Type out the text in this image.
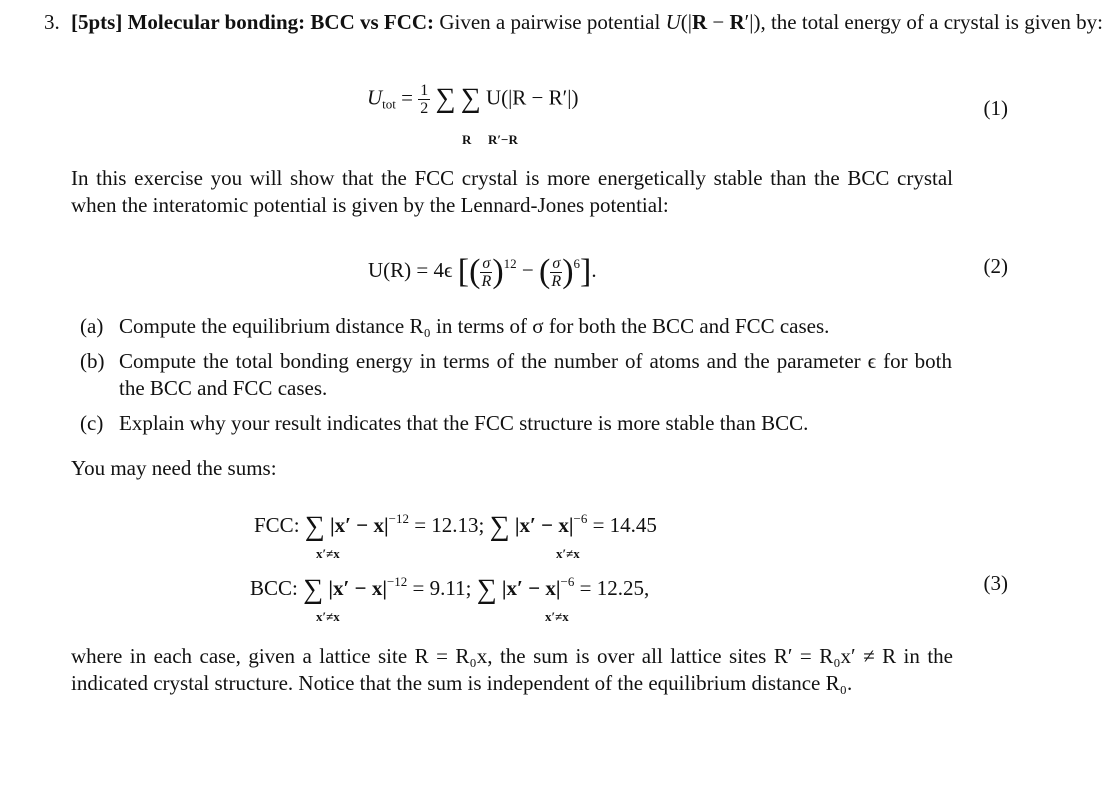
3. [5pts] Molecular bonding: BCC vs FCC: Given a pairwise potential U(|R − R′|), the total energy of a crystal is given by:
$U_{tot} = \frac{1}{2}$ ∑ ∑ U(|R − R′|)
R R′−R
(1)

In this exercise you will show that the FCC crystal is more energetically stable than the BCC crystal when the interatomic potential is given by the Lennard-Jones potential:

U(R) = 4ϵ [( $\frac{\sigma}{R} )^{12}$ − ( $\frac{\sigma}{R} )^6$].	(2)
(a) Compute the equilibrium distance R₀ in terms of σ for both the BCC and FCC cases.
(b) Compute the total bonding energy in terms of the number of atoms and the parameter ϵ for both the BCC and FCC cases.
(c) Explain why your result indicates that the FCC structure is more stable than BCC.
You may need the sums:
FCC: ∑ $|x' - x|^{-12} = 12.13$; ∑ $|x' - x|^{-6} = 14.45$
x′≠x	x′≠x
BCC: ∑ $|x' - x|^{-12} = 9.11$; ∑ $|x' - x|^{-6} = 12.25$,
x′≠x	x′≠x
(3)

where in each case, given a lattice site R = R₀x, the sum is over all lattice sites R′ = R₀x′ ≠ R in the indicated crystal structure. Notice that the sum is independent of the equilibrium distance R₀.
